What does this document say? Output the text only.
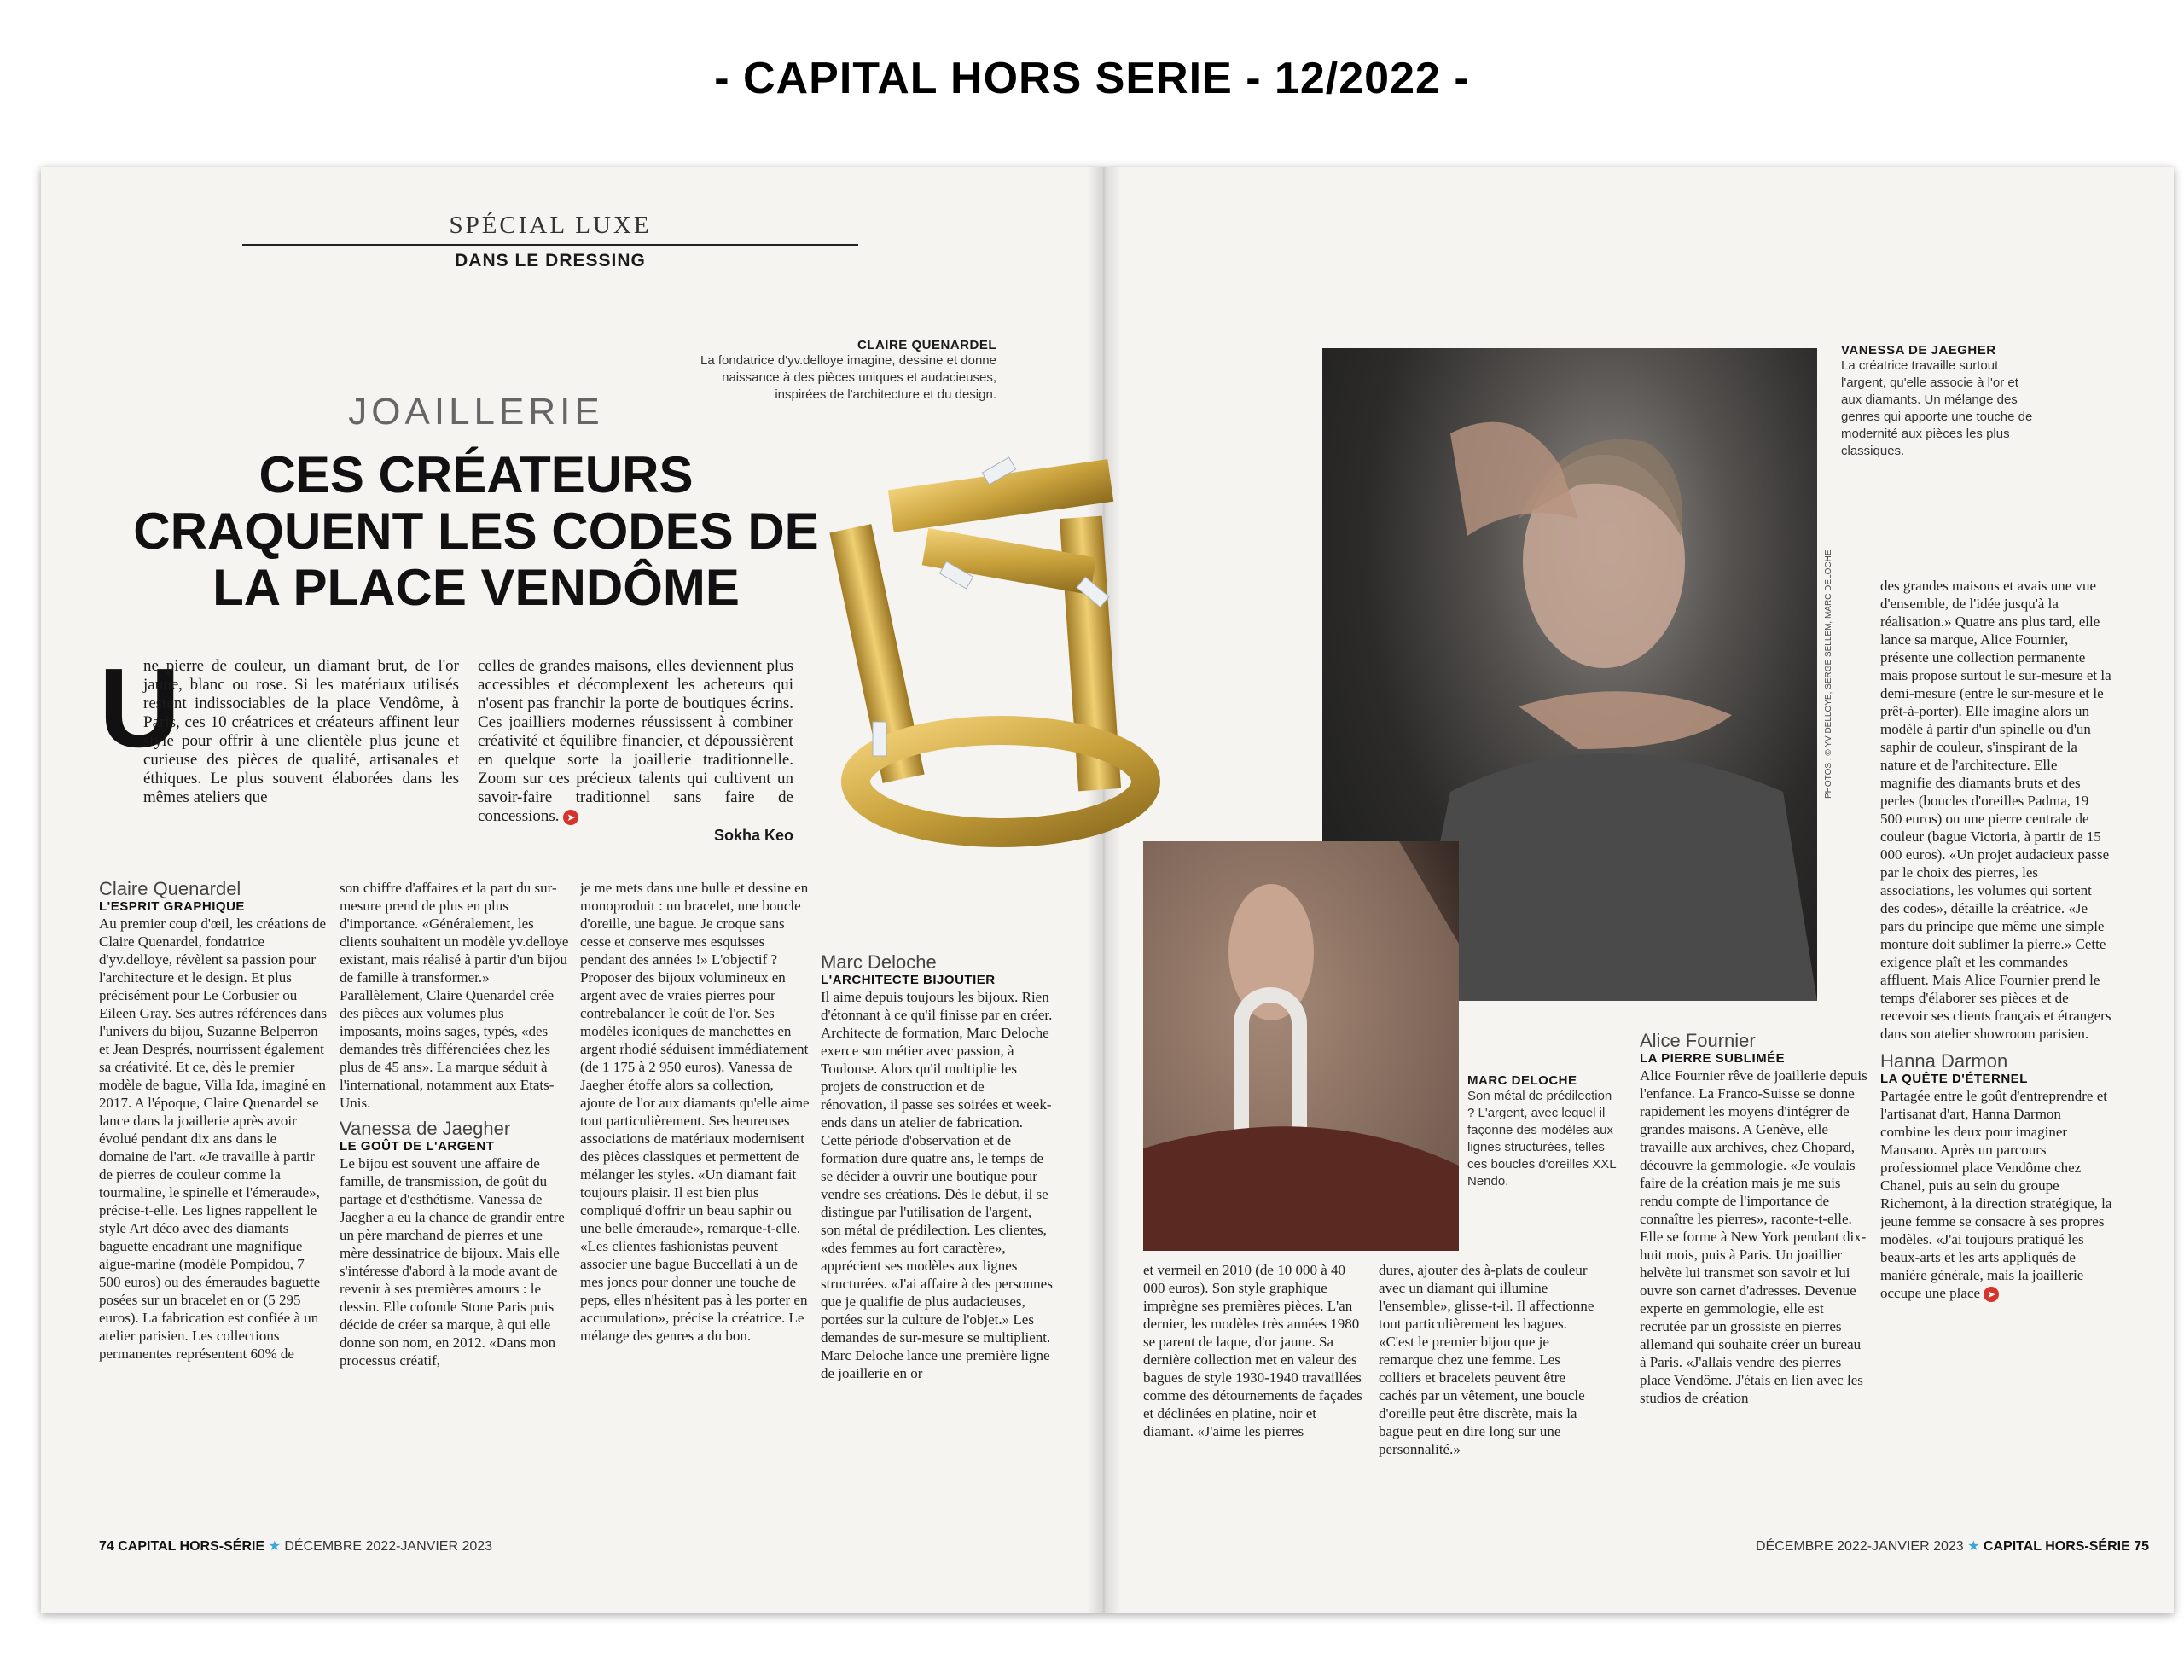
- CAPITAL HORS SERIE - 12/2022 -
SPÉCIAL LUXE
DANS LE DRESSING
JOAILLERIE
CES CRÉATEURS
CRAQUENT LES CODES DE
LA PLACE VENDÔME
CLAIRE QUENARDEL
La fondatrice d'yv.delloye imagine, dessine et donne naissance à des pièces uniques et audacieuses, inspirées de l'architecture et du design.
U
ne pierre de couleur, un diamant brut, de l'or jaune, blanc ou rose. Si les matériaux utilisés restent indissociables de la place Vendôme, à Paris, ces 10 créatrices et créateurs affinent leur style pour offrir à une clientèle plus jeune et curieuse des pièces de qualité, artisanales et éthiques. Le plus souvent élaborées dans les mêmes ateliers que
celles de grandes maisons, elles deviennent plus accessibles et décomplexent les acheteurs qui n'osent pas franchir la porte de boutiques écrins. Ces joailliers modernes réussissent à combiner créativité et équilibre financier, et dépoussièrent en quelque sorte la joaillerie traditionnelle. Zoom sur ces précieux talents qui cultivent un savoir-faire traditionnel sans faire de concessions. ➤
Sokha Keo
Claire Quenardel
L'ESPRIT GRAPHIQUE
Au premier coup d'œil, les créations de Claire Quenardel, fondatrice d'yv.delloye, révèlent sa passion pour l'architecture et le design. Et plus précisément pour Le Corbusier ou Eileen Gray. Ses autres références dans l'univers du bijou, Suzanne Belperron et Jean Després, nourrissent également sa créativité. Et ce, dès le premier modèle de bague, Villa Ida, imaginé en 2017. A l'époque, Claire Quenardel se lance dans la joaillerie après avoir évolué pendant dix ans dans le domaine de l'art. «Je travaille à partir de pierres de couleur comme la tourmaline, le spinelle et l'émeraude», précise-t-elle. Les lignes rappellent le style Art déco avec des diamants baguette encadrant une magnifique aigue-marine (modèle Pompidou, 7 500 euros) ou des émeraudes baguette posées sur un bracelet en or (5 295 euros). La fabrication est confiée à un atelier parisien. Les collections permanentes représentent 60% de
son chiffre d'affaires et la part du sur-mesure prend de plus en plus d'importance. «Généralement, les clients souhaitent un modèle yv.delloye existant, mais réalisé à partir d'un bijou de famille à transformer.» Parallèlement, Claire Quenardel crée des pièces aux volumes plus imposants, moins sages, typés, «des demandes très différenciées chez les plus de 45 ans». La marque séduit à l'international, notamment aux Etats-Unis.
Vanessa de Jaegher
LE GOÛT DE L'ARGENT
Le bijou est souvent une affaire de famille, de transmission, de goût du partage et d'esthétisme. Vanessa de Jaegher a eu la chance de grandir entre un père marchand de pierres et une mère dessinatrice de bijoux. Mais elle s'intéresse d'abord à la mode avant de revenir à ses premières amours : le dessin. Elle cofonde Stone Paris puis décide de créer sa marque, à qui elle donne son nom, en 2012. «Dans mon processus créatif,
je me mets dans une bulle et dessine en monoproduit : un bracelet, une boucle d'oreille, une bague. Je croque sans cesse et conserve mes esquisses pendant des années !» L'objectif ? Proposer des bijoux volumineux en argent avec de vraies pierres pour contrebalancer le coût de l'or. Ses modèles iconiques de manchettes en argent rhodié séduisent immédiatement (de 1 175 à 2 950 euros). Vanessa de Jaegher étoffe alors sa collection, ajoute de l'or aux diamants qu'elle aime tout particulièrement. Ses heureuses associations de matériaux modernisent des pièces classiques et permettent de mélanger les styles. «Un diamant fait toujours plaisir. Il est bien plus compliqué d'offrir un beau saphir ou une belle émeraude», remarque-t-elle. «Les clientes fashionistas peuvent associer une bague Buccellati à un de mes joncs pour donner une touche de peps, elles n'hésitent pas à les porter en accumulation», précise la créatrice. Le mélange des genres a du bon.
Marc Deloche
L'ARCHITECTE BIJOUTIER
Il aime depuis toujours les bijoux. Rien d'étonnant à ce qu'il finisse par en créer. Architecte de formation, Marc Deloche exerce son métier avec passion, à Toulouse. Alors qu'il multiplie les projets de construction et de rénovation, il passe ses soirées et week-ends dans un atelier de fabrication. Cette période d'observation et de formation dure quatre ans, le temps de se décider à ouvrir une boutique pour vendre ses créations. Dès le début, il se distingue par l'utilisation de l'argent, son métal de prédilection. Les clientes, «des femmes au fort caractère», apprécient ses modèles aux lignes structurées. «J'ai affaire à des personnes que je qualifie de plus audacieuses, portées sur la culture de l'objet.» Les demandes de sur-mesure se multiplient. Marc Deloche lance une première ligne de joaillerie en or
74 CAPITAL HORS-SÉRIE ★ DÉCEMBRE 2022-JANVIER 2023
PHOTOS : © YV DELLOYE, SERGE SELLEM, MARC DELOCHE
VANESSA DE JAEGHER
La créatrice travaille surtout l'argent, qu'elle associe à l'or et aux diamants. Un mélange des genres qui apporte une touche de modernité aux pièces les plus classiques.
MARC DELOCHE
Son métal de prédilection ? L'argent, avec lequel il façonne des modèles aux lignes structurées, telles ces boucles d'oreilles XXL Nendo.
et vermeil en 2010 (de 10 000 à 40 000 euros). Son style graphique imprègne ses premières pièces. L'an dernier, les modèles très années 1980 se parent de laque, d'or jaune. Sa dernière collection met en valeur des bagues de style 1930-1940 travaillées comme des détournements de façades et déclinées en platine, noir et diamant. «J'aime les pierres
dures, ajouter des à-plats de couleur avec un diamant qui illumine l'ensemble», glisse-t-il. Il affectionne tout particulièrement les bagues. «C'est le premier bijou que je remarque chez une femme. Les colliers et bracelets peuvent être cachés par un vêtement, une boucle d'oreille peut être discrète, mais la bague peut en dire long sur une personnalité.»
Alice Fournier
LA PIERRE SUBLIMÉE
Alice Fournier rêve de joaillerie depuis l'enfance. La Franco-Suisse se donne rapidement les moyens d'intégrer de grandes maisons. A Genève, elle travaille aux archives, chez Chopard, découvre la gemmologie. «Je voulais faire de la création mais je me suis rendu compte de l'importance de connaître les pierres», raconte-t-elle. Elle se forme à New York pendant dix-huit mois, puis à Paris. Un joaillier helvète lui transmet son savoir et lui ouvre son carnet d'adresses. Devenue experte en gemmologie, elle est recrutée par un grossiste en pierres allemand qui souhaite créer un bureau à Paris. «J'allais vendre des pierres place Vendôme. J'étais en lien avec les studios de création
des grandes maisons et avais une vue d'ensemble, de l'idée jusqu'à la réalisation.» Quatre ans plus tard, elle lance sa marque, Alice Fournier, présente une collection permanente mais propose surtout le sur-mesure et la demi-mesure (entre le sur-mesure et le prêt-à-porter). Elle imagine alors un modèle à partir d'un spinelle ou d'un saphir de couleur, s'inspirant de la nature et de l'architecture. Elle magnifie des diamants bruts et des perles (boucles d'oreilles Padma, 19 500 euros) ou une pierre centrale de couleur (bague Victoria, à partir de 15 000 euros). «Un projet audacieux passe par le choix des pierres, les associations, les volumes qui sortent des codes», détaille la créatrice. «Je pars du principe que même une simple monture doit sublimer la pierre.» Cette exigence plaît et les commandes affluent. Mais Alice Fournier prend le temps d'élaborer ses pièces et de recevoir ses clients français et étrangers dans son atelier showroom parisien.
Hanna Darmon
LA QUÊTE D'ÉTERNEL
Partagée entre le goût d'entreprendre et l'artisanat d'art, Hanna Darmon combine les deux pour imaginer Mansano. Après un parcours professionnel place Vendôme chez Chanel, puis au sein du groupe Richemont, à la direction stratégique, la jeune femme se consacre à ses propres modèles. «J'ai toujours pratiqué les beaux-arts et les arts appliqués de manière générale, mais la joaillerie occupe une place ➤
DÉCEMBRE 2022-JANVIER 2023 ★ CAPITAL HORS-SÉRIE 75
